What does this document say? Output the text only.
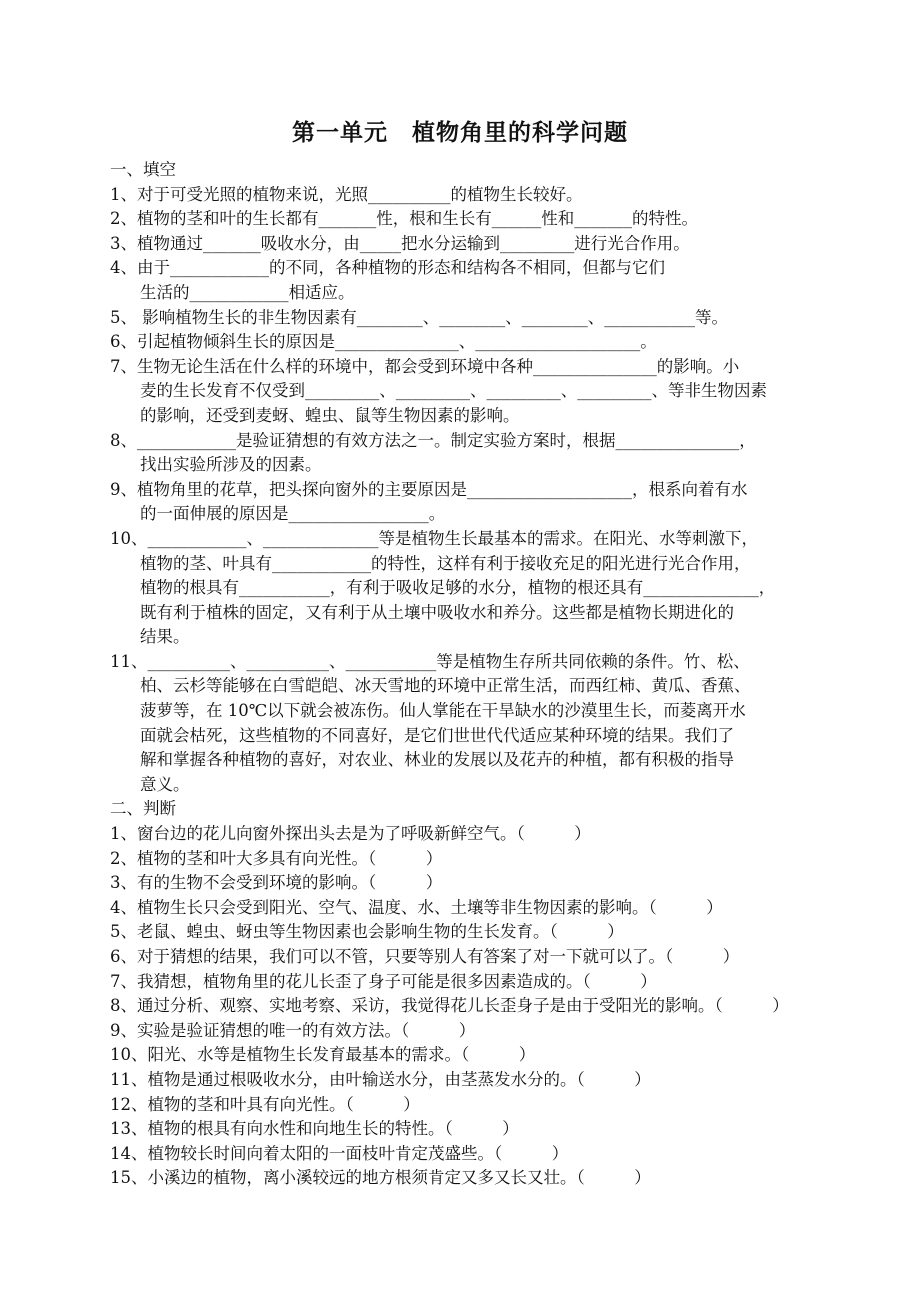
第一单元　植物角里的科学问题
一、填空
1、对于可受光照的植物来说，光照__________的植物生长较好。
2、植物的茎和叶的生长都有_______性，根和生长有______性和_______的特性。
3、植物通过_______吸收水分，由_____把水分运输到_________进行光合作用。
4、由于____________的不同，各种植物的形态和结构各不相同，但都与它们
生活的____________相适应。
5、 影响植物生长的非生物因素有________、________、________、___________等。
6、引起植物倾斜生长的原因是_______________、____________________。
7、生物无论生活在什么样的环境中，都会受到环境中各种_______________的影响。小
麦的生长发育不仅受到_________、_________、_________、_________、等非生物因素
的影响，还受到麦蚜、蝗虫、鼠等生物因素的影响。
8、____________是验证猜想的有效方法之一。制定实验方案时，根据_______________，
找出实验所涉及的因素。
9、植物角里的花草，把头探向窗外的主要原因是____________________，根系向着有水
的一面伸展的原因是_________________。
10、____________、______________等是植物生长最基本的需求。在阳光、水等刺激下，
植物的茎、叶具有____________的特性，这样有利于接收充足的阳光进行光合作用，
植物的根具有___________，有利于吸收足够的水分，植物的根还具有______________，
既有利于植株的固定，又有利于从土壤中吸收水和养分。这些都是植物长期进化的
结果。
11、__________、__________、___________等是植物生存所共同依赖的条件。竹、松、
柏、云杉等能够在白雪皑皑、冰天雪地的环境中正常生活，而西红柿、黄瓜、香蕉、
菠萝等，在 10℃以下就会被冻伤。仙人掌能在干旱缺水的沙漠里生长，而菱离开水
面就会枯死，这些植物的不同喜好，是它们世世代代适应某种环境的结果。我们了
解和掌握各种植物的喜好，对农业、林业的发展以及花卉的种植，都有积极的指导
意义。
二、判断
1、窗台边的花儿向窗外探出头去是为了呼吸新鲜空气。（　　　）
2、植物的茎和叶大多具有向光性。（　　　）
3、有的生物不会受到环境的影响。（　　　）
4、植物生长只会受到阳光、空气、温度、水、土壤等非生物因素的影响。（　　　）
5、老鼠、蝗虫、蚜虫等生物因素也会影响生物的生长发育。（　　　）
6、对于猜想的结果，我们可以不管，只要等别人有答案了对一下就可以了。（　　　）
7、我猜想，植物角里的花儿长歪了身子可能是很多因素造成的。（　　　）
8、通过分析、观察、实地考察、采访，我觉得花儿长歪身子是由于受阳光的影响。（　　　）
9、实验是验证猜想的唯一的有效方法。（　　　）
10、阳光、水等是植物生长发育最基本的需求。（　　　）
11、植物是通过根吸收水分，由叶输送水分，由茎蒸发水分的。（　　　）
12、植物的茎和叶具有向光性。（　　　）
13、植物的根具有向水性和向地生长的特性。（　　　）
14、植物较长时间向着太阳的一面枝叶肯定茂盛些。（　　　）
15、小溪边的植物，离小溪较远的地方根须肯定又多又长又壮。（　　　）
